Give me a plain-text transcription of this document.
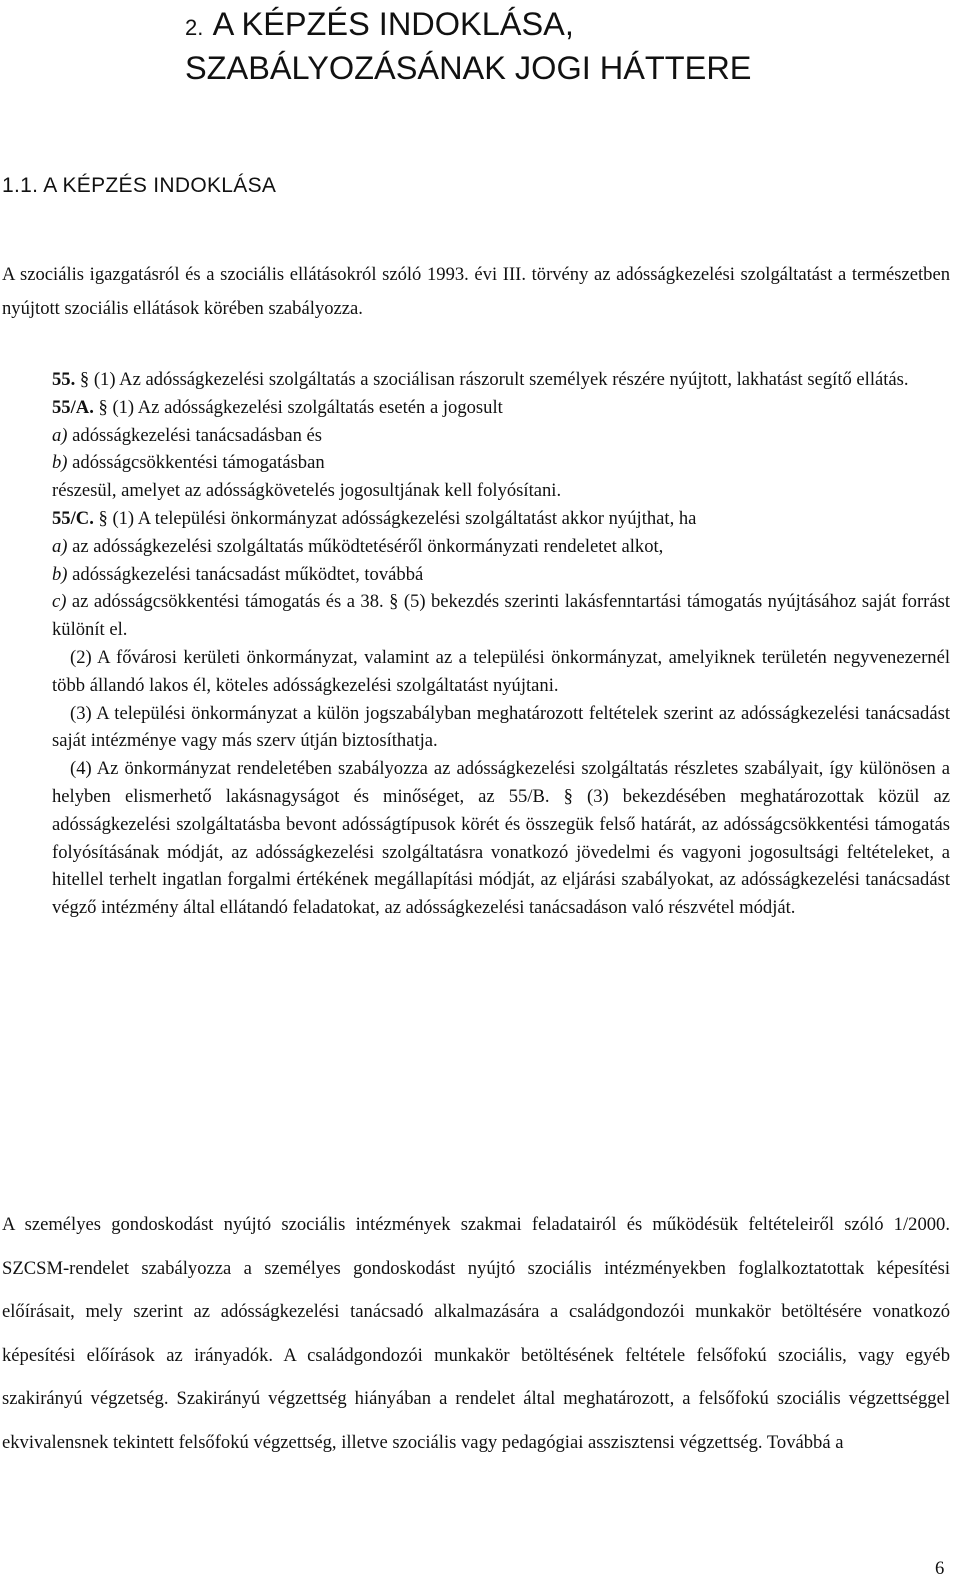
2. A KÉPZÉS INDOKLÁSA,
SZABÁLYOZÁSÁNAK JOGI HÁTTERE
1.1. A KÉPZÉS INDOKLÁSA
A szociális igazgatásról és a szociális ellátásokról szóló 1993. évi III. törvény az adósságkezelési szolgáltatást a természetben nyújtott szociális ellátások körében szabályozza.

55. § (1) Az adósságkezelési szolgáltatás a szociálisan rászorult személyek részére nyújtott, lakhatást segítő ellátás.

55/A. § (1) Az adósságkezelési szolgáltatás esetén a jogosult

a) adósságkezelési tanácsadásban és

b) adósságcsökkentési támogatásban

részesül, amelyet az adósságkövetelés jogosultjának kell folyósítani.

55/C. § (1) A települési önkormányzat adósságkezelési szolgáltatást akkor nyújthat, ha

a) az adósságkezelési szolgáltatás működtetéséről önkormányzati rendeletet alkot,

b) adósságkezelési tanácsadást működtet, továbbá

c) az adósságcsökkentési támogatás és a 38. § (5) bekezdés szerinti lakásfenntartási támogatás nyújtásához saját forrást különít el.

(2) A fővárosi kerületi önkormányzat, valamint az a települési önkormányzat, amelyiknek területén negyvenezernél több állandó lakos él, köteles adósságkezelési szolgáltatást nyújtani.

(3) A települési önkormányzat a külön jogszabályban meghatározott feltételek szerint az adósságkezelési tanácsadást saját intézménye vagy más szerv útján biztosíthatja.

(4) Az önkormányzat rendeletében szabályozza az adósságkezelési szolgáltatás részletes szabályait, így különösen a helyben elismerhető lakásnagyságot és minőséget, az 55/B. § (3) bekezdésében meghatározottak közül az adósságkezelési szolgáltatásba bevont adósságtípusok körét és összegük felső határát, az adósságcsökkentési támogatás folyósításának módját, az adósságkezelési szolgáltatásra vonatkozó jövedelmi és vagyoni jogosultsági feltételeket, a hitellel terhelt ingatlan forgalmi értékének megállapítási módját, az eljárási szabályokat, az adósságkezelési tanácsadást végző intézmény által ellátandó feladatokat, az adósságkezelési tanácsadáson való részvétel módját.

A személyes gondoskodást nyújtó szociális intézmények szakmai feladatairól és működésük feltételeiről szóló 1/2000. SZCSM-rendelet szabályozza a személyes gondoskodást nyújtó szociális intézményekben foglalkoztatottak képesítési előírásait, mely szerint az adósságkezelési tanácsadó alkalmazására a családgondozói munkakör betöltésére vonatkozó képesítési előírások az irányadók. A családgondozói munkakör betöltésének feltétele felsőfokú szociális, vagy egyéb szakirányú végzetség. Szakirányú végzettség hiányában a rendelet által meghatározott, a felsőfokú szociális végzettséggel ekvivalensnek tekintett felsőfokú végzettség, illetve szociális vagy pedagógiai asszisztensi végzettség. Továbbá a
6
